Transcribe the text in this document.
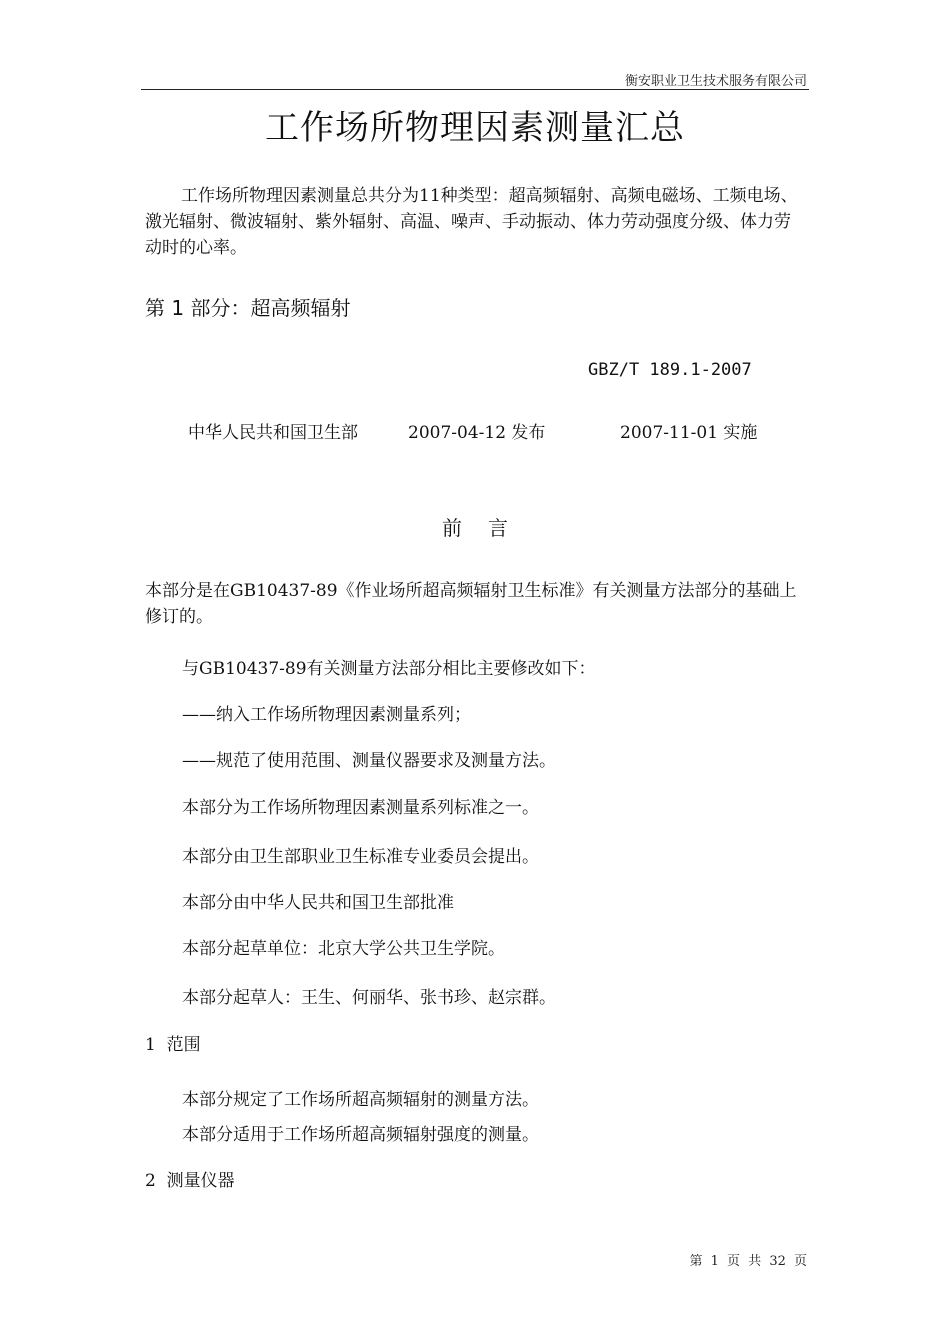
衡安职业卫生技术服务有限公司
工作场所物理因素测量汇总
工作场所物理因素测量总共分为11种类型：超高频辐射、高频电磁场、工频电场、激光辐射、微波辐射、紫外辐射、高温、噪声、手动振动、体力劳动强度分级、体力劳动时的心率。
第 1 部分：超高频辐射
GBZ/T 189.1-2007
中华人民共和国卫生部	2007-04-12 发布	2007-11-01 实施
前言
本部分是在GB10437-89《作业场所超高频辐射卫生标准》有关测量方法部分的基础上修订的。
与GB10437-89有关测量方法部分相比主要修改如下：
——纳入工作场所物理因素测量系列；
——规范了使用范围、测量仪器要求及测量方法。
本部分为工作场所物理因素测量系列标准之一。
本部分由卫生部职业卫生标准专业委员会提出。
本部分由中华人民共和国卫生部批准
本部分起草单位：北京大学公共卫生学院。
本部分起草人：王生、何丽华、张书珍、赵宗群。
1  范围
本部分规定了工作场所超高频辐射的测量方法。
本部分适用于工作场所超高频辐射强度的测量。
2  测量仪器
第 1 页 共 32 页
